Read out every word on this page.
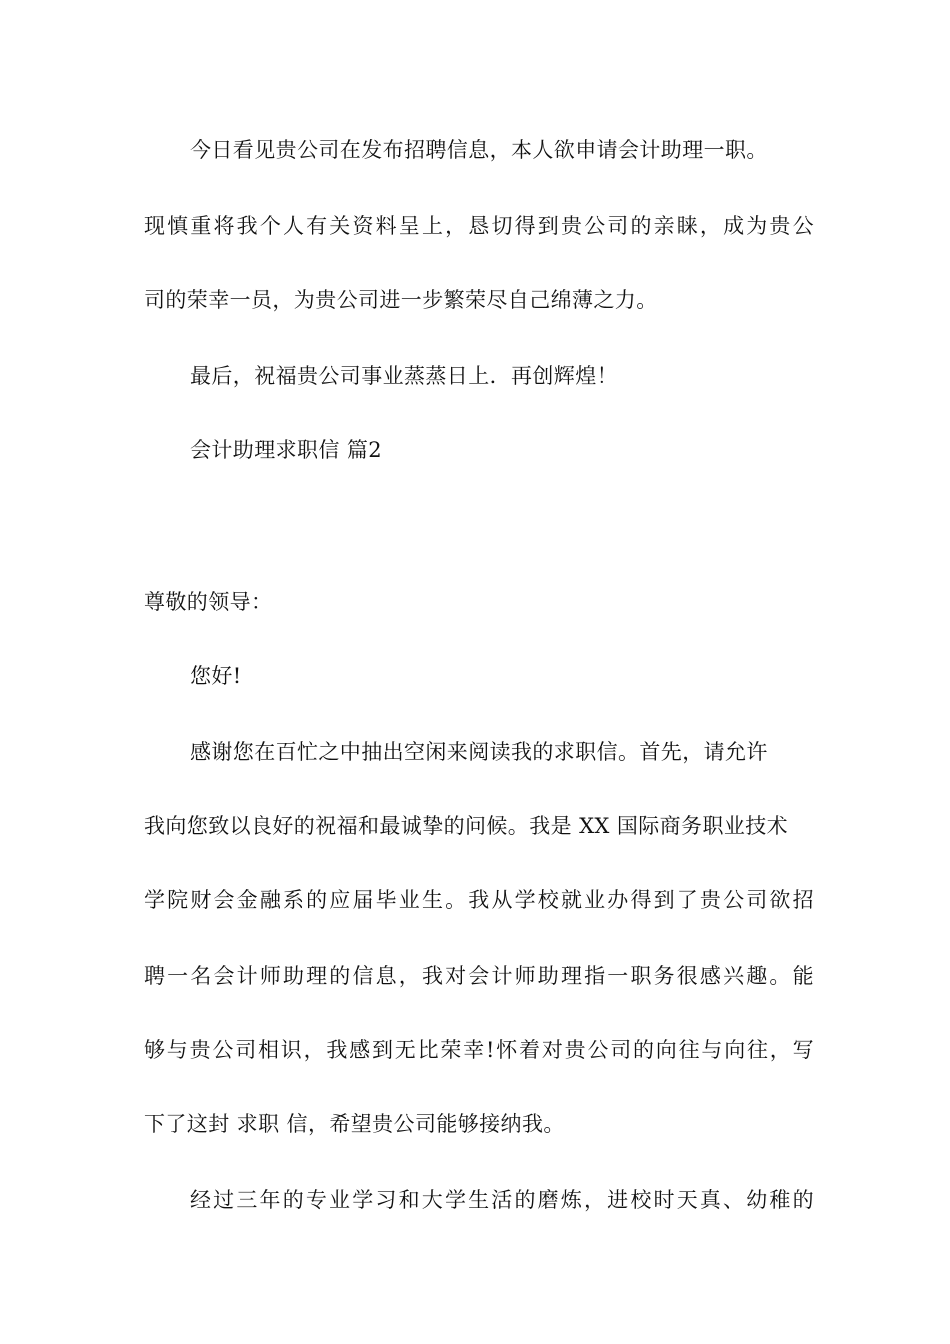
今日看见贵公司在发布招聘信息，本人欲申请会计助理一职。
现慎重将我个人有关资料呈上，恳切得到贵公司的亲睐，成为贵公
司的荣幸一员，为贵公司进一步繁荣尽自己绵薄之力。
最后，祝福贵公司事业蒸蒸日上．再创辉煌！
会计助理求职信 篇2
尊敬的领导：
您好!
感谢您在百忙之中抽出空闲来阅读我的求职信。首先，请允许
我向您致以良好的祝福和最诚挚的问候。我是 XX 国际商务职业技术
学院财会金融系的应届毕业生。我从学校就业办得到了贵公司欲招
聘一名会计师助理的信息，我对会计师助理指一职务很感兴趣。能
够与贵公司相识，我感到无比荣幸!怀着对贵公司的向往与向往，写
下了这封 求职 信，希望贵公司能够接纳我。
经过三年的专业学习和大学生活的磨炼，进校时天真、幼稚的
